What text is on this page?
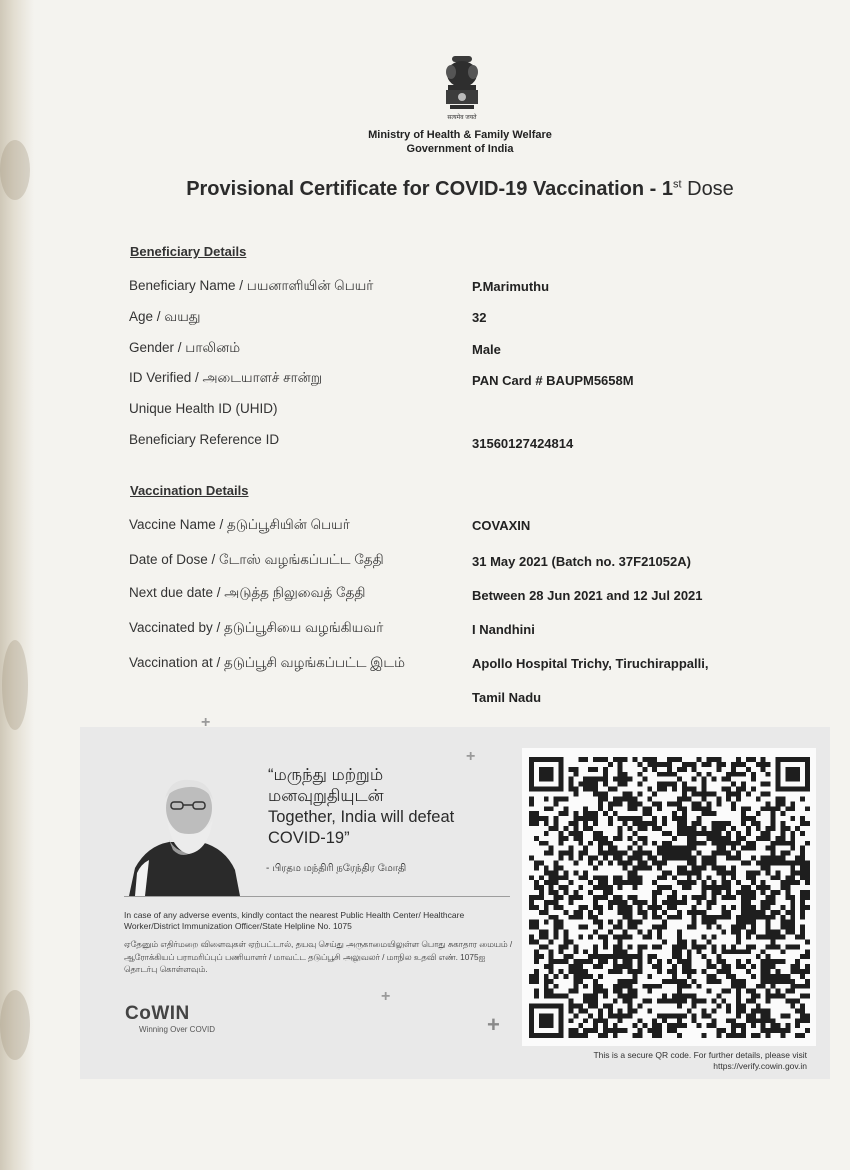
सत्यमेव जयते
Ministry of Health & Family Welfare
Government of India
Provisional Certificate for COVID-19 Vaccination - 1st Dose
Beneficiary Details
Beneficiary Name / பயனாளியின் பெயர்	P.Marimuthu
Age / வயது	32
Gender / பாலினம்	Male
ID Verified / அடையாளச் சான்று	PAN Card # BAUPM5658M
Unique Health ID (UHID)
Beneficiary Reference ID	31560127424814
Vaccination Details
Vaccine Name / தடுப்பூசியின் பெயர்	COVAXIN
Date of Dose / டோஸ் வழங்கப்பட்ட தேதி	31 May 2021 (Batch no. 37F21052A)
Next due date / அடுத்த நிலுவைத் தேதி	Between 28 Jun 2021 and 12 Jul 2021
Vaccinated by / தடுப்பூசியை வழங்கியவர்	I Nandhini
Vaccination at / தடுப்பூசி வழங்கப்பட்ட இடம்	Apollo Hospital Trichy, Tiruchirappalli,
Tamil Nadu
+
+
+
+
“மருந்து மற்றும்
மனவுறுதியுடன்
Together, India will defeat
COVID-19”
- பிரதம மந்திரி நரேந்திர மோதி
In case of any adverse events, kindly contact the nearest Public Health Center/ Healthcare Worker/District Immunization Officer/State Helpline No. 1075
ஏதேனும் எதிர்மறை விளைவுகள் ஏற்பட்டால், தயவு செய்து அருகாமையிலுள்ள பொது சுகாதார மையம் / ஆரோக்கியப் பராமரிப்புப் பணியாளர் / மாவட்ட தடுப்பூசி அலுவலர் / மாநில உதவி எண். 1075ஐ தொடர்பு கொள்ளவும்.
CoWIN
Winning Over COVID
This is a secure QR code. For further details, please visit
https://verify.cowin.gov.in
